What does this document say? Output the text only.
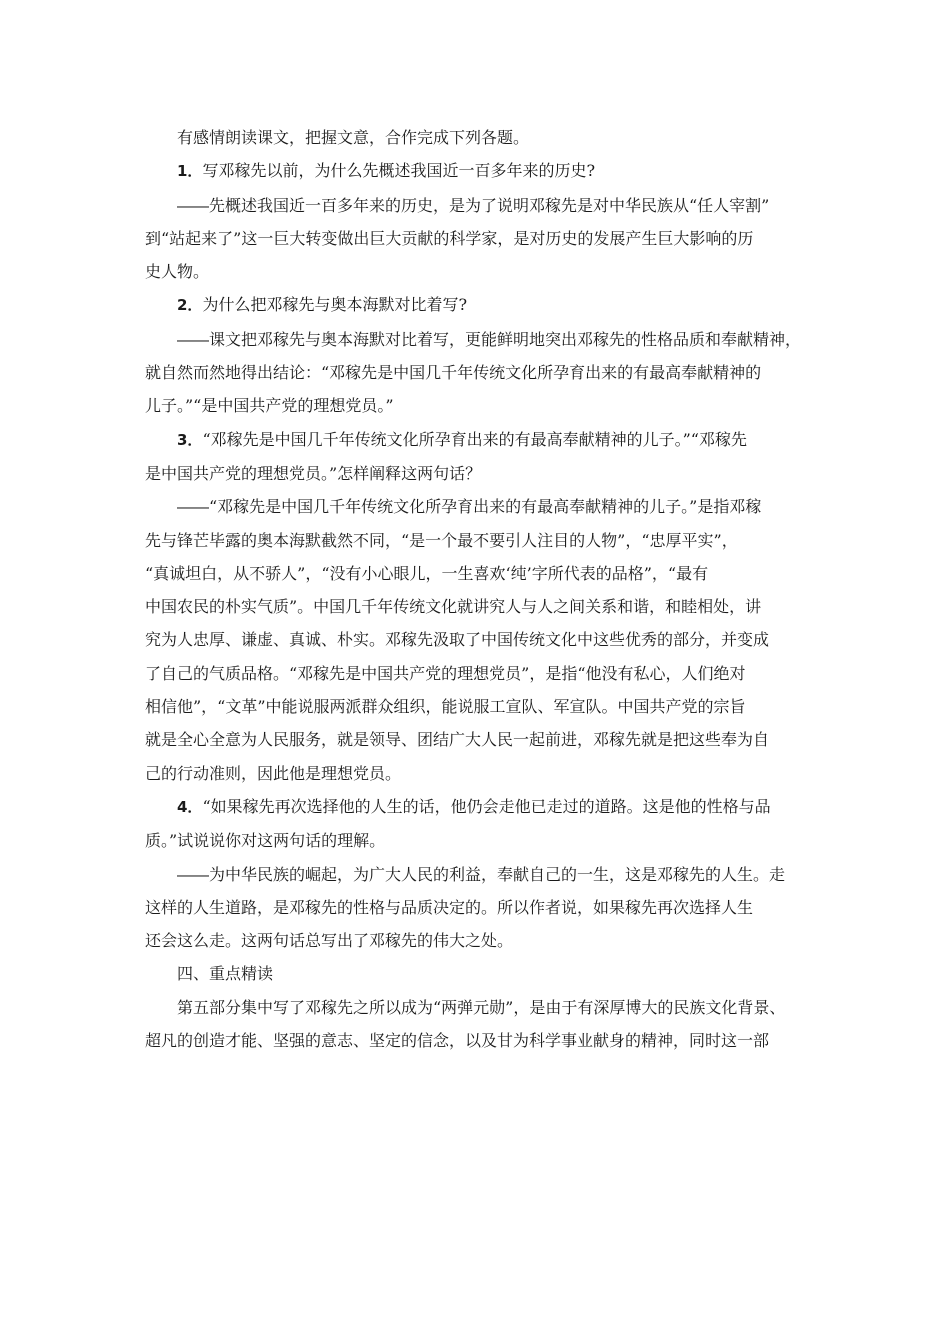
有感情朗读课文，把握文意，合作完成下列各题。

1．写邓稼先以前，为什么先概述我国近一百多年来的历史?

――先概述我国近一百多年来的历史，是为了说明邓稼先是对中华民族从“任人宰割”

到“站起来了”这一巨大转变做出巨大贡献的科学家，是对历史的发展产生巨大影响的历

史人物。

2．为什么把邓稼先与奥本海默对比着写?

――课文把邓稼先与奥本海默对比着写，更能鲜明地突出邓稼先的性格品质和奉献精神，

就自然而然地得出结论：“邓稼先是中国几千年传统文化所孕育出来的有最高奉献精神的

儿子。”“是中国共产党的理想党员。”

3．“邓稼先是中国几千年传统文化所孕育出来的有最高奉献精神的儿子。”“邓稼先

是中国共产党的理想党员。”怎样阐释这两句话？

――“邓稼先是中国几千年传统文化所孕育出来的有最高奉献精神的儿子。”是指邓稼

先与锋芒毕露的奥本海默截然不同，“是一个最不要引人注目的人物”，“忠厚平实”，

“真诚坦白，从不骄人”，“没有小心眼儿，一生喜欢‘纯’字所代表的品格”，“最有

中国农民的朴实气质”。中国几千年传统文化就讲究人与人之间关系和谐，和睦相处，讲

究为人忠厚、谦虚、真诚、朴实。邓稼先汲取了中国传统文化中这些优秀的部分，并变成

了自己的气质品格。“邓稼先是中国共产党的理想党员”，是指“他没有私心，人们绝对

相信他”，“文革”中能说服两派群众组织，能说服工宣队、军宣队。中国共产党的宗旨

就是全心全意为人民服务，就是领导、团结广大人民一起前进，邓稼先就是把这些奉为自

己的行动准则，因此他是理想党员。

4．“如果稼先再次选择他的人生的话，他仍会走他已走过的道路。这是他的性格与品

质。”试说说你对这两句话的理解。

――为中华民族的崛起，为广大人民的利益，奉献自己的一生，这是邓稼先的人生。走

这样的人生道路，是邓稼先的性格与品质决定的。所以作者说，如果稼先再次选择人生

还会这么走。这两句话总写出了邓稼先的伟大之处。

四、重点精读

第五部分集中写了邓稼先之所以成为“两弹元勋”，是由于有深厚博大的民族文化背景、

超凡的创造才能、坚强的意志、坚定的信念，以及甘为科学事业献身的精神，同时这一部
